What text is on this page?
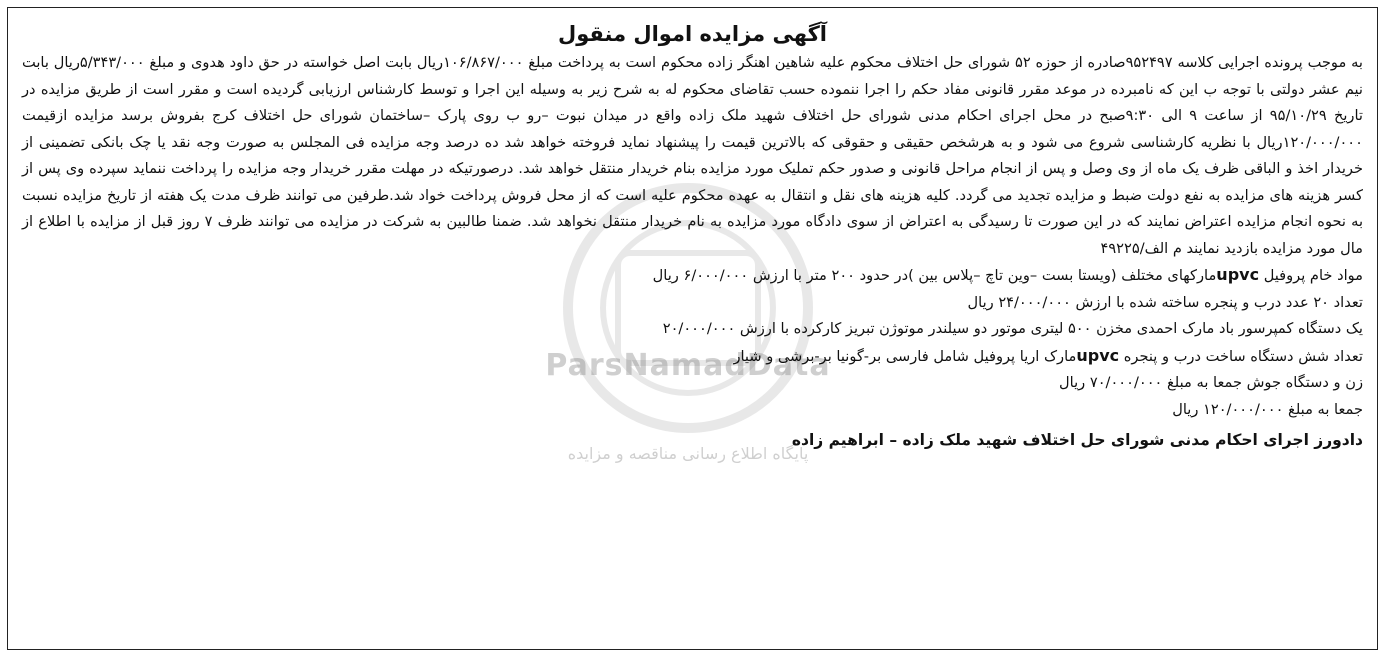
ParsNamadData
پایگاه اطلاع رسانی مناقصه و مزایده
آگهی مزایده اموال منقول

به موجب پرونده اجرایی کلاسه ۹۵۲۴۹۷صادره از حوزه ۵۲ شورای حل اختلاف محکوم علیه شاهین اهنگر زاده محکوم است به پرداخت مبلغ ۱۰۶/۸۶۷/۰۰۰ریال بابت اصل خواسته در حق داود هدوی و مبلغ ۵/۳۴۳/۰۰۰ریال بابت نیم عشر دولتی با توجه ب این که نامبرده در موعد مقرر قانونی مفاد حکم را اجرا ننموده حسب تقاضای محکوم له به شرح زیر به وسیله این اجرا و توسط کارشناس ارزیابی گردیده است و مقرر است از طریق مزایده در تاریخ ۹۵/۱۰/۲۹ از ساعت ۹ الی ۹:۳۰صبح در محل اجرای احکام مدنی شورای حل اختلاف شهید ملک زاده واقع در میدان نبوت –رو ب روی پارک –ساختمان شورای حل اختلاف کرج بفروش برسد مزایده ازقیمت ۱۲۰/۰۰۰/۰۰۰ریال با نظریه کارشناسی شروع می شود و به هرشخص حقیقی و حقوقی که بالاترین قیمت را پیشنهاد نماید فروخته خواهد شد ده درصد وجه مزایده فی المجلس به صورت وجه نقد یا چک بانکی تضمینی از خریدار اخذ و الباقی ظرف یک ماه از وی وصل و پس از انجام مراحل قانونی و صدور حکم تملیک مورد مزایده بنام خریدار منتقل خواهد شد. درصورتیکه در مهلت مقرر خریدار وجه مزایده را پرداخت ننماید سپرده وی پس از کسر هزینه های مزایده به نفع دولت ضبط و مزایده تجدید می گردد. کلیه هزینه های نقل و انتقال به عهده محکوم علیه است که از محل فروش پرداخت خواد شد.طرفین می توانند ظرف مدت یک هفته از تاریخ مزایده نسبت به نحوه انجام مزایده اعتراض نمایند که در این صورت تا رسیدگی به اعتراض از سوی دادگاه مورد مزایده به نام خریدار منتقل نخواهد شد. ضمنا طالبین به شرکت در مزایده می توانند ظرف ۷ روز قبل از مزایده با اطلاع از مال مورد مزایده بازدید نمایند م الف/۴۹۲۲۵

مواد خام پروفیل upvcمارکهای مختلف (ویستا بست –وین تاچ –پلاس بین )در حدود ۲۰۰ متر با ارزش ۶/۰۰۰/۰۰۰ ریال

تعداد ۲۰ عدد درب و پنجره ساخته شده با ارزش ۲۴/۰۰۰/۰۰۰ ریال

یک دستگاه کمپرسور باد مارک احمدی مخزن ۵۰۰ لیتری موتور دو سیلندر موتوژن تبریز کارکرده با ارزش ۲۰/۰۰۰/۰۰۰

تعداد شش دستگاه ساخت درب و پنجره upvcمارک اریا پروفیل شامل فارسی بر-گونیا بر-برشی و شیار

زن و دستگاه جوش جمعا به مبلغ ۷۰/۰۰۰/۰۰۰ ریال

جمعا به مبلغ ۱۲۰/۰۰۰/۰۰۰ ریال

دادورز اجرای احکام مدنی شورای حل اختلاف شهید ملک زاده – ابراهیم زاده
